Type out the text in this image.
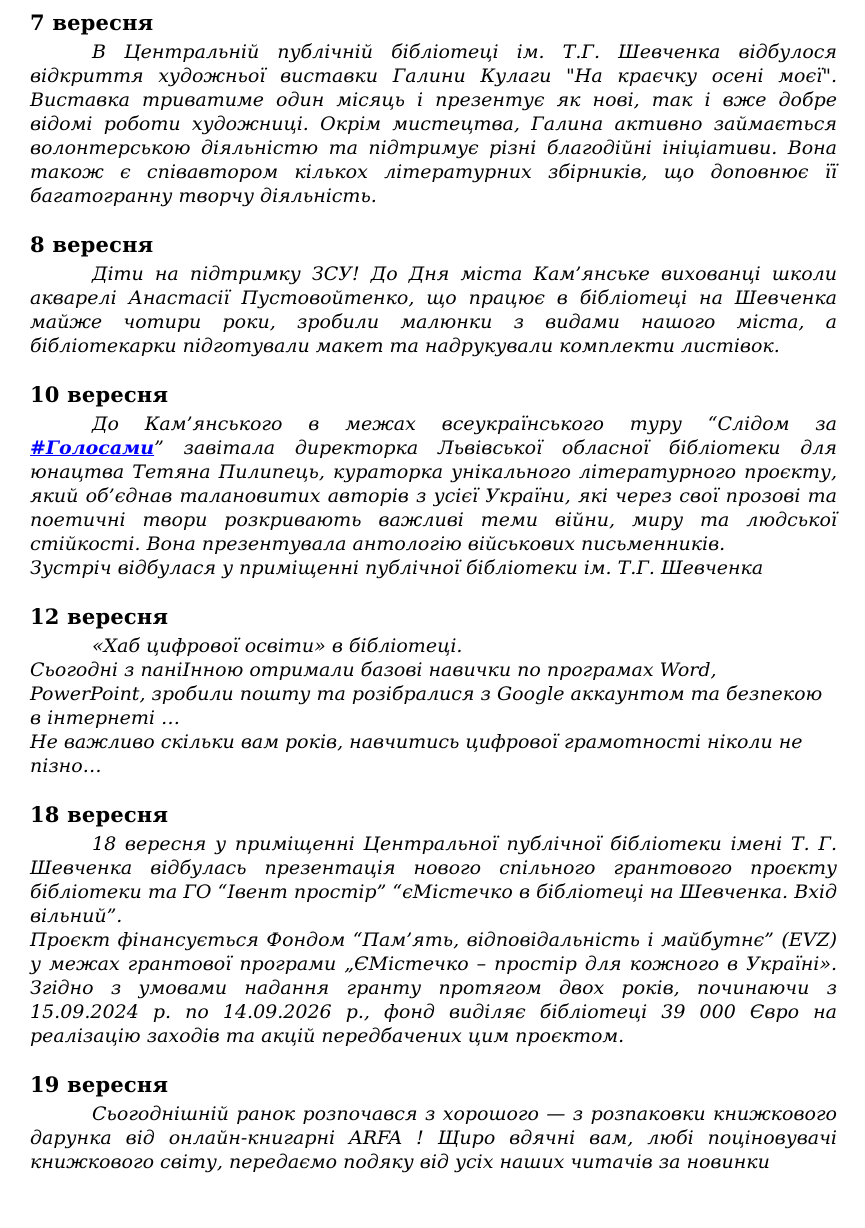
7 вересня

В Центральній публічній бібліотеці ім. Т.Г. Шевченка відбулося відкриття художньої виставки Галини Кулаги "На краєчку осені моєї". Виставка триватиме один місяць і презентує як нові, так і вже добре відомі роботи художниці. Окрім мистецтва, Галина активно займається волонтерською діяльністю та підтримує різні благодійні ініціативи. Вона також є співавтором кількох літературних збірників, що доповнює її багатогранну творчу діяльність.

8 вересня

Діти на підтримку ЗСУ! До Дня міста Кам’янське вихованці школи акварелі Анастасії Пустовойтенко, що працює в бібліотеці на Шевченка майже чотири роки, зробили малюнки з видами нашого міста, а бібліотекарки підготували макет та надрукували комплекти листівок.

10 вересня

До Кам’янського в межах всеукраїнського туру “Слідом за #Голосами” завітала директорка Львівської обласної бібліотеки для юнацтва Тетяна Пилипець, кураторка унікального літературного проєкту, який об’єднав талановитих авторів з усієї України, які через свої прозові та поетичні твори розкривають важливі теми війни, миру та людської стійкості. Вона презентувала антологію військових письменників.

Зустріч відбулася у приміщенні публічної бібліотеки ім. Т.Г. Шевченка

12 вересня

«Хаб цифрової освіти» в бібліотеці.

Сьогодні з паніІнною отримали базові навички по програмах Word, PowerPoint, зробили пошту та розібралися з Google аккаунтом та безпекою в інтернеті …

Не важливо скільки вам років, навчитись цифрової грамотності ніколи не пізно…

18 вересня

18 вересня у приміщенні Центральної публічної бібліотеки імені Т. Г. Шевченка відбулась презентація нового спільного грантового проєкту бібліотеки та ГО “Івент простір” “єМістечко в бібліотеці на Шевченка. Вхід вільний”.

Проєкт фінансується Фондом “Пам’ять, відповідальність і майбутнє” (EVZ) у межах грантової програми „ЄМістечко – простір для кожного в Україні». Згідно з умовами надання гранту протягом двох років, починаючи з 15.09.2024 р. по 14.09.2026 р., фонд виділяє бібліотеці 39 000 Євро на реалізацію заходів та акцій передбачених цим проєктом.

19 вересня

Сьогоднішній ранок розпочався з хорошого — з розпаковки книжкового дарунка від онлайн-книгарні ARFA ! Щиро вдячні вам, любі поціновувачі книжкового світу, передаємо подяку від усіх наших читачів за новинки
